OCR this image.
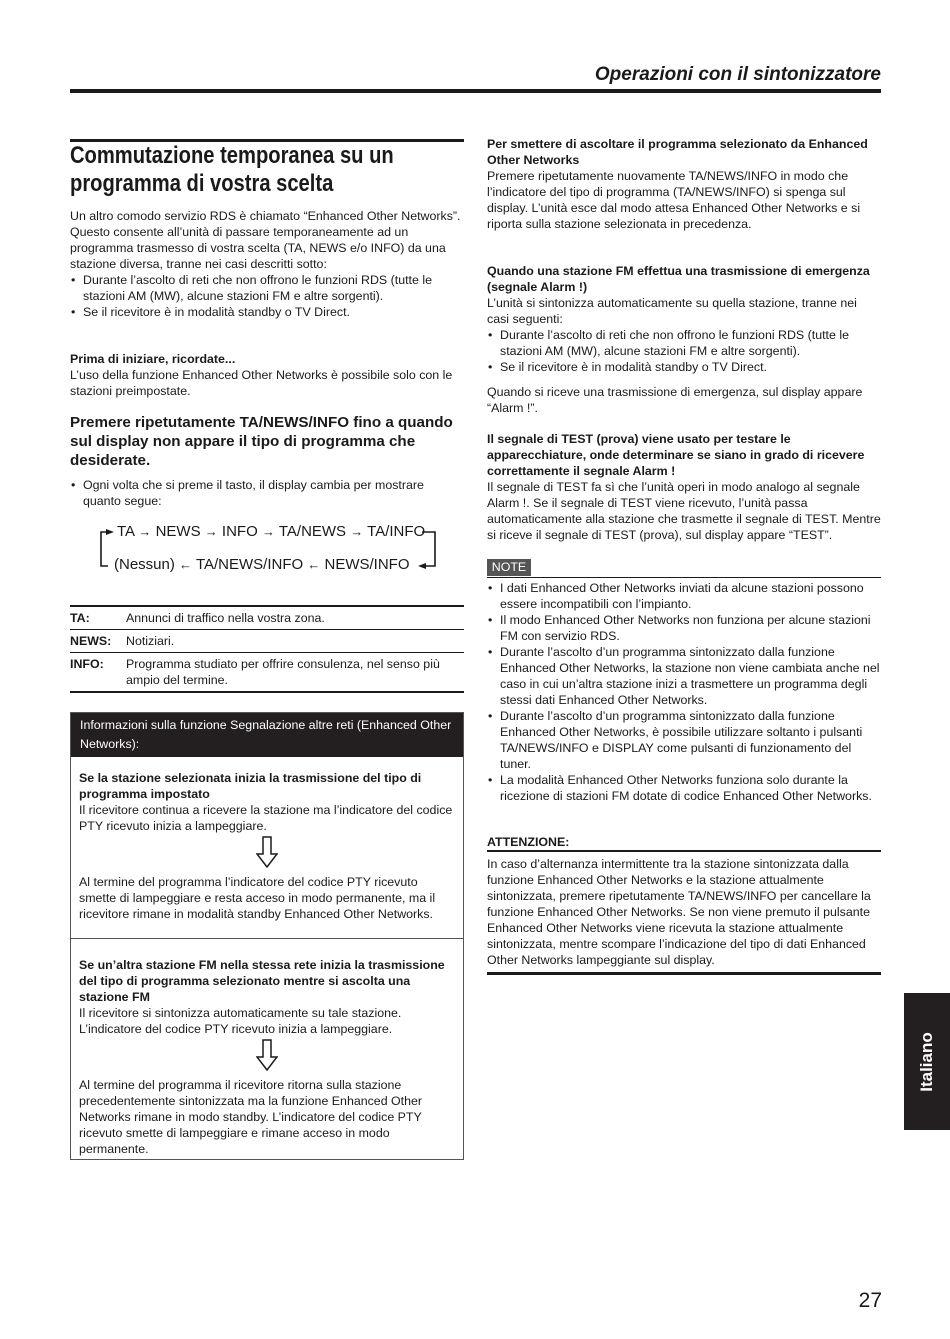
Operazioni con il sintonizzatore
Commutazione temporanea su un
programma di vostra scelta

Un altro comodo servizio RDS è chiamato “Enhanced Other Networks”.

Questo consente all’unità di passare temporaneamente ad un programma trasmesso di vostra scelta (TA, NEWS e/o INFO) da una stazione diversa, tranne nei casi descritti sotto:

• Durante l’ascolto di reti che non offrono le funzioni RDS (tutte le stazioni AM (MW), alcune stazioni FM e altre sorgenti).
• Se il ricevitore è in modalità standby o TV Direct.

Prima di iniziare, ricordate...

L’uso della funzione Enhanced Other Networks è possibile solo con le stazioni preimpostate.

Premere ripetutamente TA/NEWS/INFO fino a quando sul display non appare il tipo di programma che desiderate.
• Ogni volta che si preme il tasto, il display cambia per mostrare quanto segue:
TA → NEWS → INFO → TA/NEWS → TA/INFO
(Nessun) ← TA/NEWS/INFO ← NEWS/INFO
TA:	Annunci di traffico nella vostra zona.
NEWS:	Notiziari.
INFO:	Programma studiato per offrire consulenza, nel senso più ampio del termine.
Informazioni sulla funzione Segnalazione altre reti (Enhanced Other Networks):

Se la stazione selezionata inizia la trasmissione del tipo di programma impostato

Il ricevitore continua a ricevere la stazione ma l’indicatore del codice PTY ricevuto inizia a lampeggiare.

Al termine del programma l’indicatore del codice PTY ricevuto smette di lampeggiare e resta acceso in modo permanente, ma il ricevitore rimane in modalità standby Enhanced Other Networks.

Se un’altra stazione FM nella stessa rete inizia la trasmissione del tipo di programma selezionato mentre si ascolta una stazione FM

Il ricevitore si sintonizza automaticamente su tale stazione. L’indicatore del codice PTY ricevuto inizia a lampeggiare.

Al termine del programma il ricevitore ritorna sulla stazione precedentemente sintonizzata ma la funzione Enhanced Other Networks rimane in modo standby. L’indicatore del codice PTY ricevuto smette di lampeggiare e rimane acceso in modo permanente.

Per smettere di ascoltare il programma selezionato da Enhanced Other Networks

Premere ripetutamente nuovamente TA/NEWS/INFO in modo che l’indicatore del tipo di programma (TA/NEWS/INFO) si spenga sul display. L’unità esce dal modo attesa Enhanced Other Networks e si riporta sulla stazione selezionata in precedenza.

Quando una stazione FM effettua una trasmissione di emergenza (segnale Alarm !)

L’unità si sintonizza automaticamente su quella stazione, tranne nei casi seguenti:

• Durante l’ascolto di reti che non offrono le funzioni RDS (tutte le stazioni AM (MW), alcune stazioni FM e altre sorgenti).
• Se il ricevitore è in modalità standby o TV Direct.

Quando si riceve una trasmissione di emergenza, sul display appare “Alarm !”.

Il segnale di TEST (prova) viene usato per testare le apparecchiature, onde determinare se siano in grado di ricevere correttamente il segnale Alarm !

Il segnale di TEST fa sì che l’unità operi in modo analogo al segnale Alarm !. Se il segnale di TEST viene ricevuto, l’unità passa automaticamente alla stazione che trasmette il segnale di TEST. Mentre si riceve il segnale di TEST (prova), sul display appare “TEST”.

NOTE
• I dati Enhanced Other Networks inviati da alcune stazioni possono essere incompatibili con l’impianto.
• Il modo Enhanced Other Networks non funziona per alcune stazioni FM con servizio RDS.
• Durante l’ascolto d’un programma sintonizzato dalla funzione Enhanced Other Networks, la stazione non viene cambiata anche nel caso in cui un’altra stazione inizi a trasmettere un programma degli stessi dati Enhanced Other Networks.
• Durante l’ascolto d’un programma sintonizzato dalla funzione Enhanced Other Networks, è possibile utilizzare soltanto i pulsanti TA/NEWS/INFO e DISPLAY come pulsanti di funzionamento del tuner.
• La modalità Enhanced Other Networks funziona solo durante la ricezione di stazioni FM dotate di codice Enhanced Other Networks.

ATTENZIONE:

In caso d’alternanza intermittente tra la stazione sintonizzata dalla funzione Enhanced Other Networks e la stazione attualmente sintonizzata, premere ripetutamente TA/NEWS/INFO per cancellare la funzione Enhanced Other Networks. Se non viene premuto il pulsante Enhanced Other Networks viene ricevuta la stazione attualmente sintonizzata, mentre scompare l’indicazione del tipo di dati Enhanced Other Networks lampeggiante sul display.

Italiano
27
